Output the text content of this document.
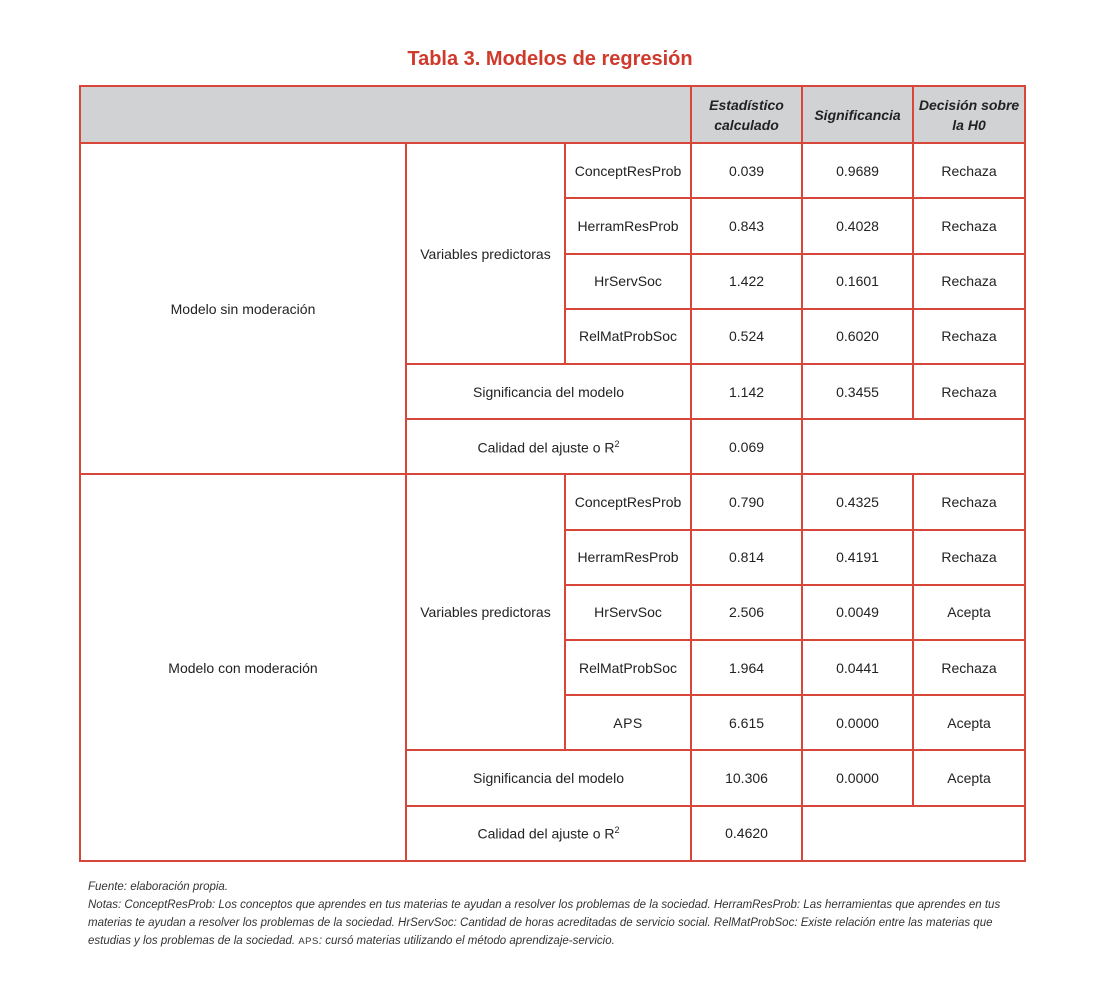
Tabla 3. Modelos de regresión
			Estadístico calculado	Significancia	Decisión sobre la H0
Modelo sin moderación	Variables predictoras	ConceptResProb	0.039	0.9689	Rechaza
		HerramResProb	0.843	0.4028	Rechaza
		HrServSoc	1.422	0.1601	Rechaza
		RelMatProbSoc	0.524	0.6020	Rechaza
	Significancia del modelo		1.142	0.3455	Rechaza
	Calidad del ajuste o $R^2$		0.069		
Modelo con moderación	Variables predictoras	ConceptResProb	0.790	0.4325	Rechaza
		HerramResProb	0.814	0.4191	Rechaza
		HrServSoc	2.506	0.0049	Acepta
		RelMatProbSoc	1.964	0.0441	Rechaza
		APS	6.615	0.0000	Acepta
	Significancia del modelo		10.306	0.0000	Acepta
	Calidad del ajuste o $R^2$		0.4620		

Fuente: elaboración propia.

Notas: ConceptResProb: Los conceptos que aprendes en tus materias te ayudan a resolver los problemas de la sociedad. HerramResProb: Las herramientas que aprendes en tus materias te ayudan a resolver los problemas de la sociedad. HrServSoc: Cantidad de horas acreditadas de servicio social. RelMatProbSoc: Existe relación entre las materias que estudias y los problemas de la sociedad. APS: cursó materias utilizando el método aprendizaje-servicio.
